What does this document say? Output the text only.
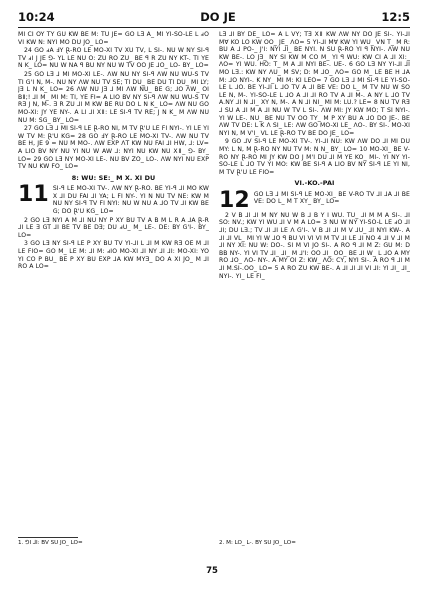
10:24	DO JE	12:5

MI CI OY TY GU KW BE M: TU JE= GO LƎ A_ MI YI-SO-LE L ⅎO VI KW N: NYI MO DU JO_ LO=

24 GO ⅎA ℲY Ɽ-RO LE MO-XI TV XU TV, L SI-. NU W NY SI-ꟼ TV ⅎI J JE ⅁- YL LE NU O: ZU RO ZU_ BE ꟼ R ZU NY KT-. TI YE N K_ LO= NU W NA ꟼ BU NY NU W TV OO JE ⅃O_ LO- BY_ LO=

25 GO LƎ ⅃ MI MO-XI LE-. ꓥW NU NY SI-ꟼ ꓥW NU WU-S TV TI G'I N, M-. NU NY ꓥW NU TV SE; TI DU_ BE DU TI DU_ MI LY; JƎ L N K_ LO= 26 ꓥW NU JƎ ⅃ MI ꓥW NU_ BE G; ⅃O ꓥW_ OI BⅡ;! ⅃I M_ MI M: TI, YE FI= A LIO BV NY SI-ꟼ ꓥW NU WU-S TV RƎ J N, M-. Ǝ R ZU ⅃I M KW BE RU DO L N K_ LO= ꓥW NU GO MO-XI: JY YE NY-. A LI ⅃I XⅡ: LE SI-ꟼ TV RE; J N K_ M ꓥW NU NU M: SG_ BY_ LO=

27 GO LƎ ⅃ MI SI-ꟼ LE Ɽ-RO NI, M TV Ɽ'U LE FI NYI-. YI LE YI W TV M: Ɽ'U KG= 28 GO ℲY Ɽ-RO LE MO-XI TV-. ꓥW NU TV BE H, JE 9 = NU M MO-. ꓥW EXP ꓥT KW NU FAI ⅃I HW, ⅃: LV= A LIO BV NY NU YI NU W AW ⅃: NYI NU KW NU XⅡ_ ⅁- BY_ LO= 29 GO LƎ NY MO-XI LE-. NU BV ZO_ LO-. ꓥW NYI NU EXP TV NU KW FO_ LO=

8: WU: SE:_ M X. XI DU
11 SI-ꟼ LE MO-XI TV-. ꓥW NY Ɽ-RO. BE YI-ꟼ ⅃I MO KW X ⅃I DU FAI ⅃I YA; L FI NY-. YI N NU TV NE: KW M NU NY SI-ꟼ TV FI NYI: NU W NU A ⅃O TV ⅃I KW BE G; DO Ɽ'U KG_ LO=

2 GO LƎ NYI A M ⅃I NU NY P XY BU TV A B M L R A ⅃A Ɽ-R ⅃I LE Ǝ GT ⅃I BE TV BE DƎ; DU ⅎU_ M_ LE-. DE: BY G'I-. BY_ LO=

3 GO LƎ NY SI-ꟼ LE P XY BU TV YI-⅃I L ⅃I M KW RƎ OE M ⅃I LE FIO= GO M_ LE M: ⅃I M: ⅎIO MO-XI ⅃I NY ⅃I ⅃I: MO-XI: YO YI CO P BU_ BE P XY BU EXP ⅃A KW MYƎ_ DO A XI JO_ M ⅃I RO A LO=

LƎ ⅃I BY DE_ LO= A L VY; TƎ XⅡ KW ꓥW NY DO JE SI-. YI-⅃I MⱯ KO LO KW OO_ JE_ ꓥO= 5 YI-⅃I MⱯ KW YI WU_ VN T_ M R: BU A ⅃ PO-_ J'I: NYI ⅃I_ BE NYI. N SU Ɽ-RO YI ꟼ NYI-. ꓥW NU KW BE-. LO JƎ_ NY SI KW M CO M_ YI ꟼ WU: KW CI A ⅃I XI:_ ꓥO= YI WU. HO: T_ M A ⅃I NYI BE-. UE-. 6 GO LƎ NY YI-⅃I ⅃I MO LƎ.: KW NY ꓥU_ M SV; D: M ⅃O_ ꓥO= GO M_ LE BE H ⅃A M: ⅃O NYI-. K NY_ MI M: KI LEO= 7 GO LƎ ⅃ MI SI-ꟼ LE YI-SO-LE L ⅃O. BE YI-⅃I L ⅃O TV A ⅃I BE VE: DO L_ M TV NU W SO LE N, M-. YI-SO-LE L ⅃O A ⅃I ⅃I RO TV A ⅃I M-. A NY L ⅃O TV A.NY ⅃I N ⅃I_ XY N, M-. A N ⅃I NI_ MI M: LU.? LE= 8 NU TV RƎ ⅃ SU A ⅃I M A ⅃I NU W TV L SI-. ꓥW MI: JY KW MO; T SI NYI-. YI W LE-. NU_ BE NU TV OO TY_ M P XY BU A ⅃O DO JE-. BE ꓥW TV DE: L K ꓥ SI_ LE: ꓥW GO MO-XI LE_ ꓥO-. BY SI-. MO-XI NYI N, M V'I_ VL LE Ɽ-RO TV BE DO JE_ LO=

9 GO ⅃V SI-ꟼ LE MO-XI TV-. YI-⅃I NU: KW ꓥW DO ⅃I MI DU MY: L N, M Ɽ-RO NY NU TV M: N N_ BY_ LO= 10 MO-XI_ BE V-RO NY Ɽ-RO MI JY KW DO J M'I DU ⅃I M YE KO_ MI-. YI NY YI-SO-LE L ⅃O TV YI MO: KW BE SI-ꟼ A LIO BV NY SI-ꟼ LE YI NI, M TV Ɽ'U LE FIO=

VI.-KO.-PAI
12 GO LƎ ⅃ MI SI-ꟼ LE MO-XI_ BE V-RO TV ⅃I ⅃A ⅃I BE VE: DO L_ M T XY_ BY_ LO=

2 V B ⅃I ⅃I M NY NU W B ⅃ B Y I WU. TU_ ⅃I M M A SI-. ⅃I SO: NV.; KW YI WU ⅃I V M A LO= 3 NU W NY YI-SO-L LE ⅎO ⅃I ⅃I; DU LƎ.; TV ⅃I ⅃I LE ꓥ G'I-. V B ⅃I ⅃I M V ⅃U_ ⅃I NYI KW-. A ⅃I ⅃I VL_ MI YI W ⅃O ꟼ BU VI VI VI M TV ⅃I LE ⅃I NO 4 ⅃I V ⅃I M ⅃I NY XI: NU W: DO-. SI M VI JO SI-. A RO ꟼ ⅃I M Z: GU M: D BB NY-. YI VI TV ⅃I_ ⅃I_ M ⅃'I: OO ⅃I_ OO_ BE ⅃I W_ L ⅃O A MY RO ⅃O_ ꓥO- NY-. A MY OI Z: KW_ ꓥO: CY, NYI SI-. A RO ꟼ ⅃I M ⅃I M.SI-.OO_ LO= 5 A RO ZU KW BE-. A ⅃I ⅃I ⅃I VI ⅃I: YI ⅃I_ ⅃I_ NYI-. YI_ LE FI_

1. ⅁I ⅃I: BV SU JO_ LO=	2. M: LO_ L-. BY SU JO_ LO=
75
